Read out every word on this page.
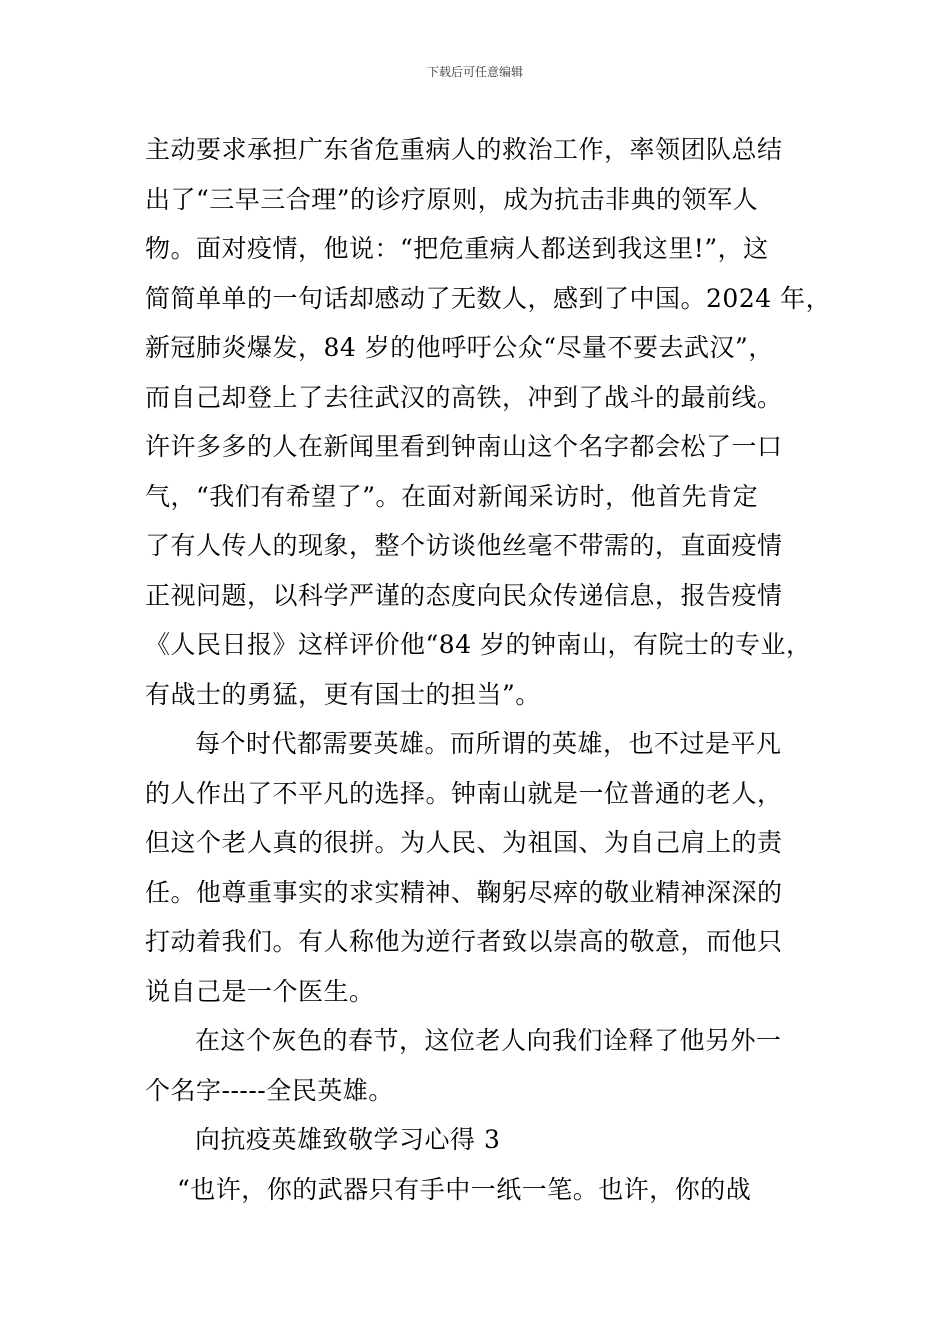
下载后可任意编辑
主动要求承担广东省危重病人的救治工作，率领团队总结
出了“三早三合理”的诊疗原则，成为抗击非典的领军人
物。面对疫情，他说：“把危重病人都送到我这里!”，这
简简单单的一句话却感动了无数人，感到了中国。2024 年，
新冠肺炎爆发，84 岁的他呼吁公众“尽量不要去武汉”，
而自己却登上了去往武汉的高铁，冲到了战斗的最前线。
许许多多的人在新闻里看到钟南山这个名字都会松了一口
气，“我们有希望了”。在面对新闻采访时，他首先肯定
了有人传人的现象，整个访谈他丝毫不带需的，直面疫情
正视问题，以科学严谨的态度向民众传递信息，报告疫情
《人民日报》这样评价他“84 岁的钟南山，有院士的专业，
有战士的勇猛，更有国士的担当”。
每个时代都需要英雄。而所谓的英雄，也不过是平凡
的人作出了不平凡的选择。钟南山就是一位普通的老人，
但这个老人真的很拼。为人民、为祖国、为自己肩上的责
任。他尊重事实的求实精神、鞠躬尽瘁的敬业精神深深的
打动着我们。有人称他为逆行者致以崇高的敬意，而他只
说自己是一个医生。
在这个灰色的春节，这位老人向我们诠释了他另外一
个名字-----全民英雄。
向抗疫英雄致敬学习心得 3
“也许，你的武器只有手中一纸一笔。也许，你的战
